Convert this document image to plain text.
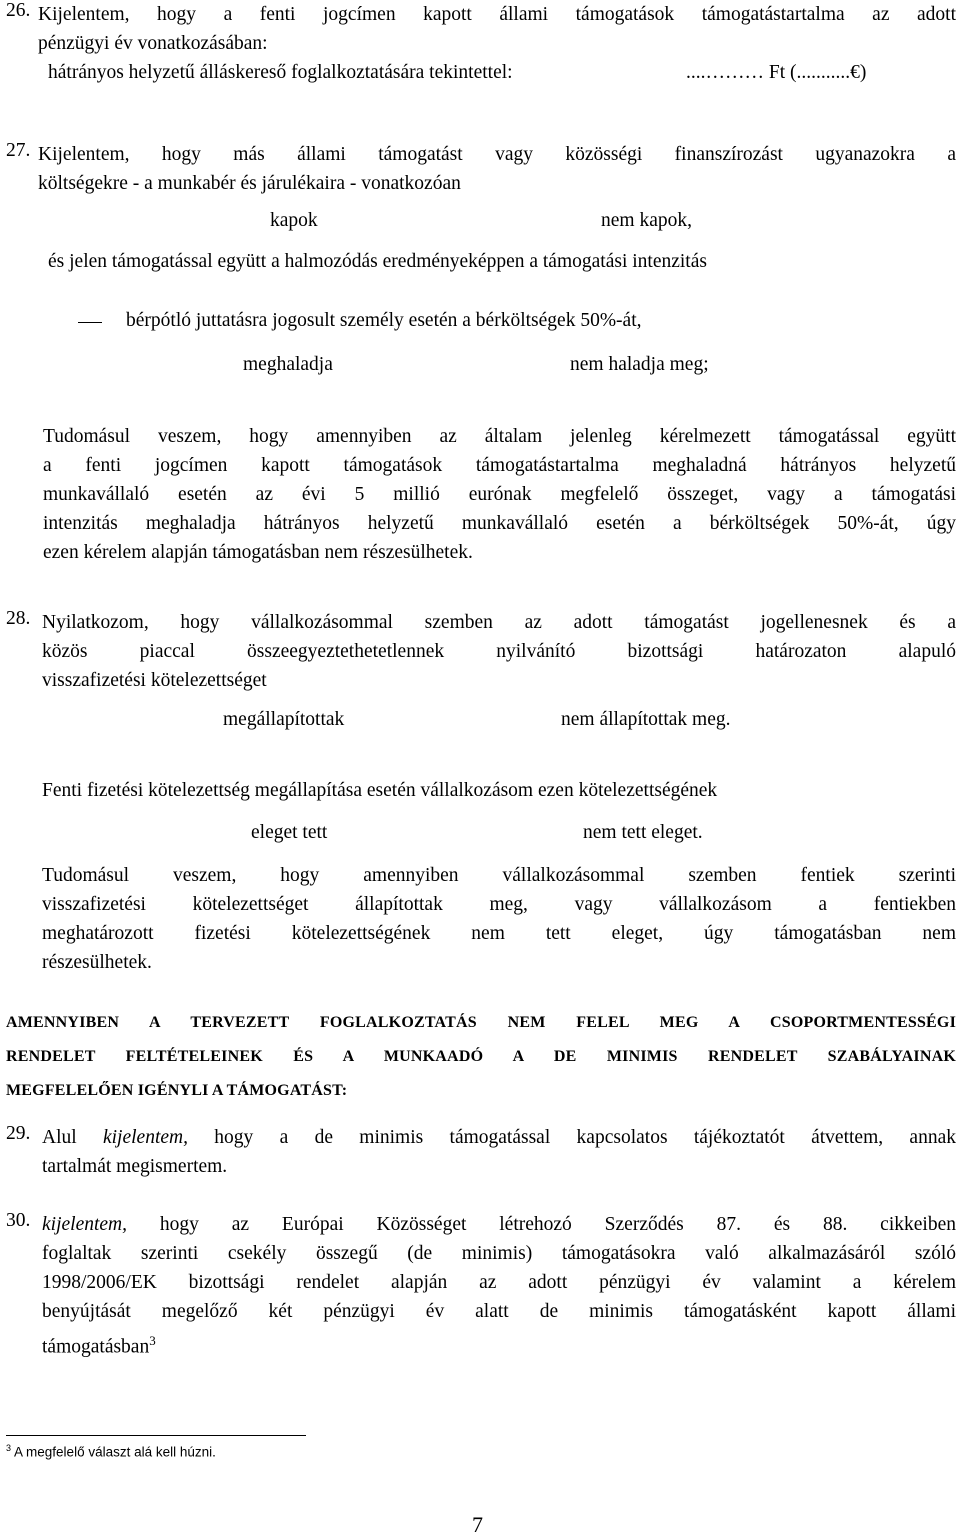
26. Kijelentem, hogy a fenti jogcímen kapott állami támogatások támogatástartalma az adott
pénzügyi év vonatkozásában:
hátrányos helyzetű álláskereső foglalkoztatására tekintettel:	....……… Ft (...........€)
27. Kijelentem, hogy más állami támogatást vagy közösségi finanszírozást ugyanazokra a
költségekre - a munkabér és járulékaira - vonatkozóan
kapok	nem kapok,
és jelen támogatással együtt a halmozódás eredményeképpen a támogatási intenzitás
bérpótló juttatásra jogosult személy esetén a bérköltségek 50%-át,
meghaladja	nem haladja meg;
Tudomásul veszem, hogy amennyiben az általam jelenleg kérelmezett támogatással együtt
a fenti jogcímen kapott támogatások támogatástartalma meghaladná hátrányos helyzetű
munkavállaló esetén az évi 5 millió eurónak megfelelő összeget, vagy a támogatási
intenzitás meghaladja hátrányos helyzetű munkavállaló esetén a bérköltségek 50%-át, úgy
ezen kérelem alapján támogatásban nem részesülhetek.
28. Nyilatkozom, hogy vállalkozásommal szemben az adott támogatást jogellenesnek és a
közös piaccal összeegyeztethetetlennek nyilvánító bizottsági határozaton alapuló
visszafizetési kötelezettséget
megállapítottak	nem állapítottak meg.
Fenti fizetési kötelezettség megállapítása esetén vállalkozásom ezen kötelezettségének
eleget tett	nem tett eleget.
Tudomásul veszem, hogy amennyiben vállalkozásommal szemben fentiek szerinti
visszafizetési kötelezettséget állapítottak meg, vagy vállalkozásom a fentiekben
meghatározott fizetési kötelezettségének nem tett eleget, úgy támogatásban nem
részesülhetek.
AMENNYIBEN A TERVEZETT FOGLALKOZTATÁS NEM FELEL MEG A CSOPORTMENTESSÉGI
RENDELET FELTÉTELEINEK ÉS A MUNKAADÓ A DE MINIMIS RENDELET SZABÁLYAINAK
MEGFELELŐEN IGÉNYLI A TÁMOGATÁST:
29. Alul kijelentem, hogy a de minimis támogatással kapcsolatos tájékoztatót átvettem, annak
tartalmát megismertem.
30. kijelentem, hogy az Európai Közösséget létrehozó Szerződés 87. és 88. cikkeiben
foglaltak szerinti csekély összegű (de minimis) támogatásokra való alkalmazásáról szóló
1998/2006/EK bizottsági rendelet alapján az adott pénzügyi év valamint a kérelem
benyújtását megelőző két pénzügyi év alatt de minimis támogatásként kapott állami
támogatásban$^3$
$^3$ A megfelelő választ alá kell húzni.
7
